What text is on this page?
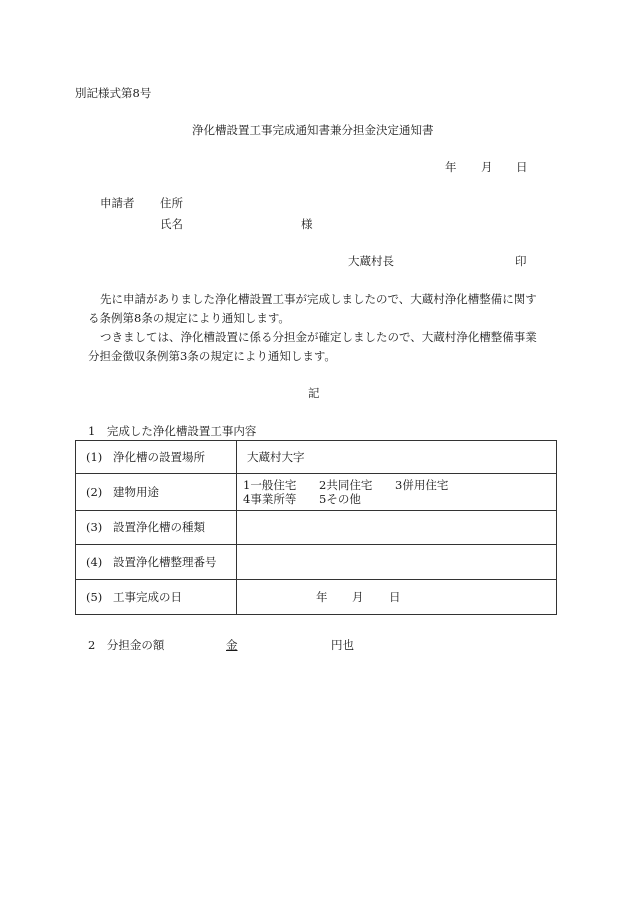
別記様式第8号
浄化槽設置工事完成通知書兼分担金決定通知書
年 月 日
申請者 住所
氏名	様
大蔵村長	印
先に申請がありました浄化槽設置工事が完成しましたので、大蔵村浄化槽整備に関す
る条例第8条の規定により通知します。
つきましては、浄化槽設置に係る分担金が確定しましたので、大蔵村浄化槽整備事業
分担金徴収条例第3条の規定により通知します。
記
1　完成した浄化槽設置工事内容
(1) 浄化槽の設置場所	大蔵村大字
(2) 建物用途	1一般住宅 2共同住宅 3併用住宅
4事業所等 5その他

(3) 設置浄化槽の種類	
(4) 設置浄化槽整理番号	
(5) 工事完成の日	年 月 日
2　分担金の額	金	円也
